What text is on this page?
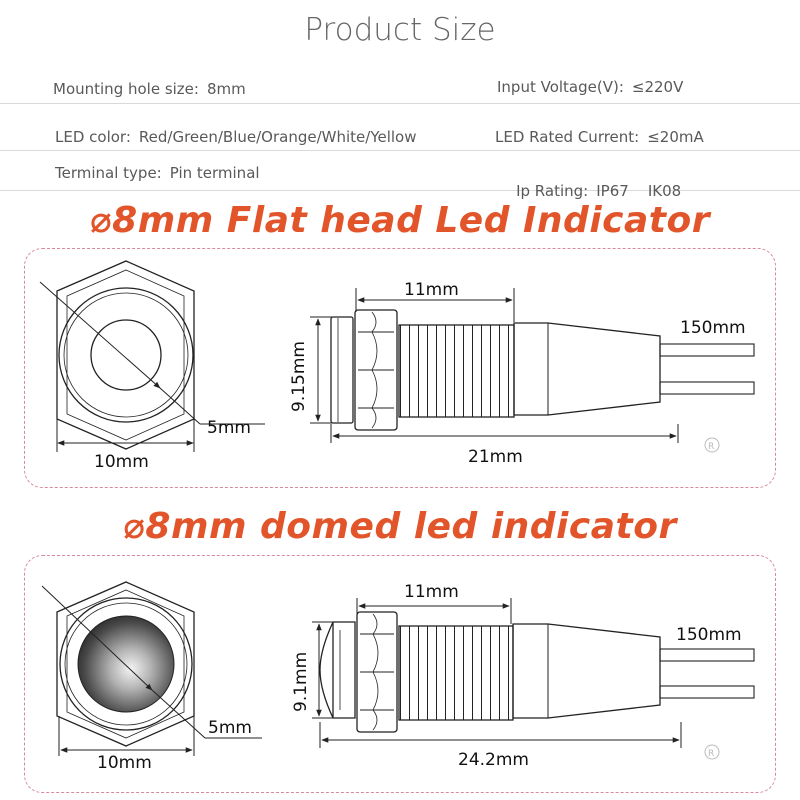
Product Size
Mounting hole size: 8mm	Input Voltage(V): ≤220V
LED color: Red/Green/Blue/Orange/White/Yellow	LED Rated Current: ≤20mA
Terminal type: Pin terminal

Ip Rating: IP67    IK08

⌀8mm Flat head Led Indicator
5mm
10mm
11mm
150mm
21mm
9.15mm
R
5mm
10mm
11mm
150mm
24.2mm
9.1mm
R
⌀8mm domed led indicator
